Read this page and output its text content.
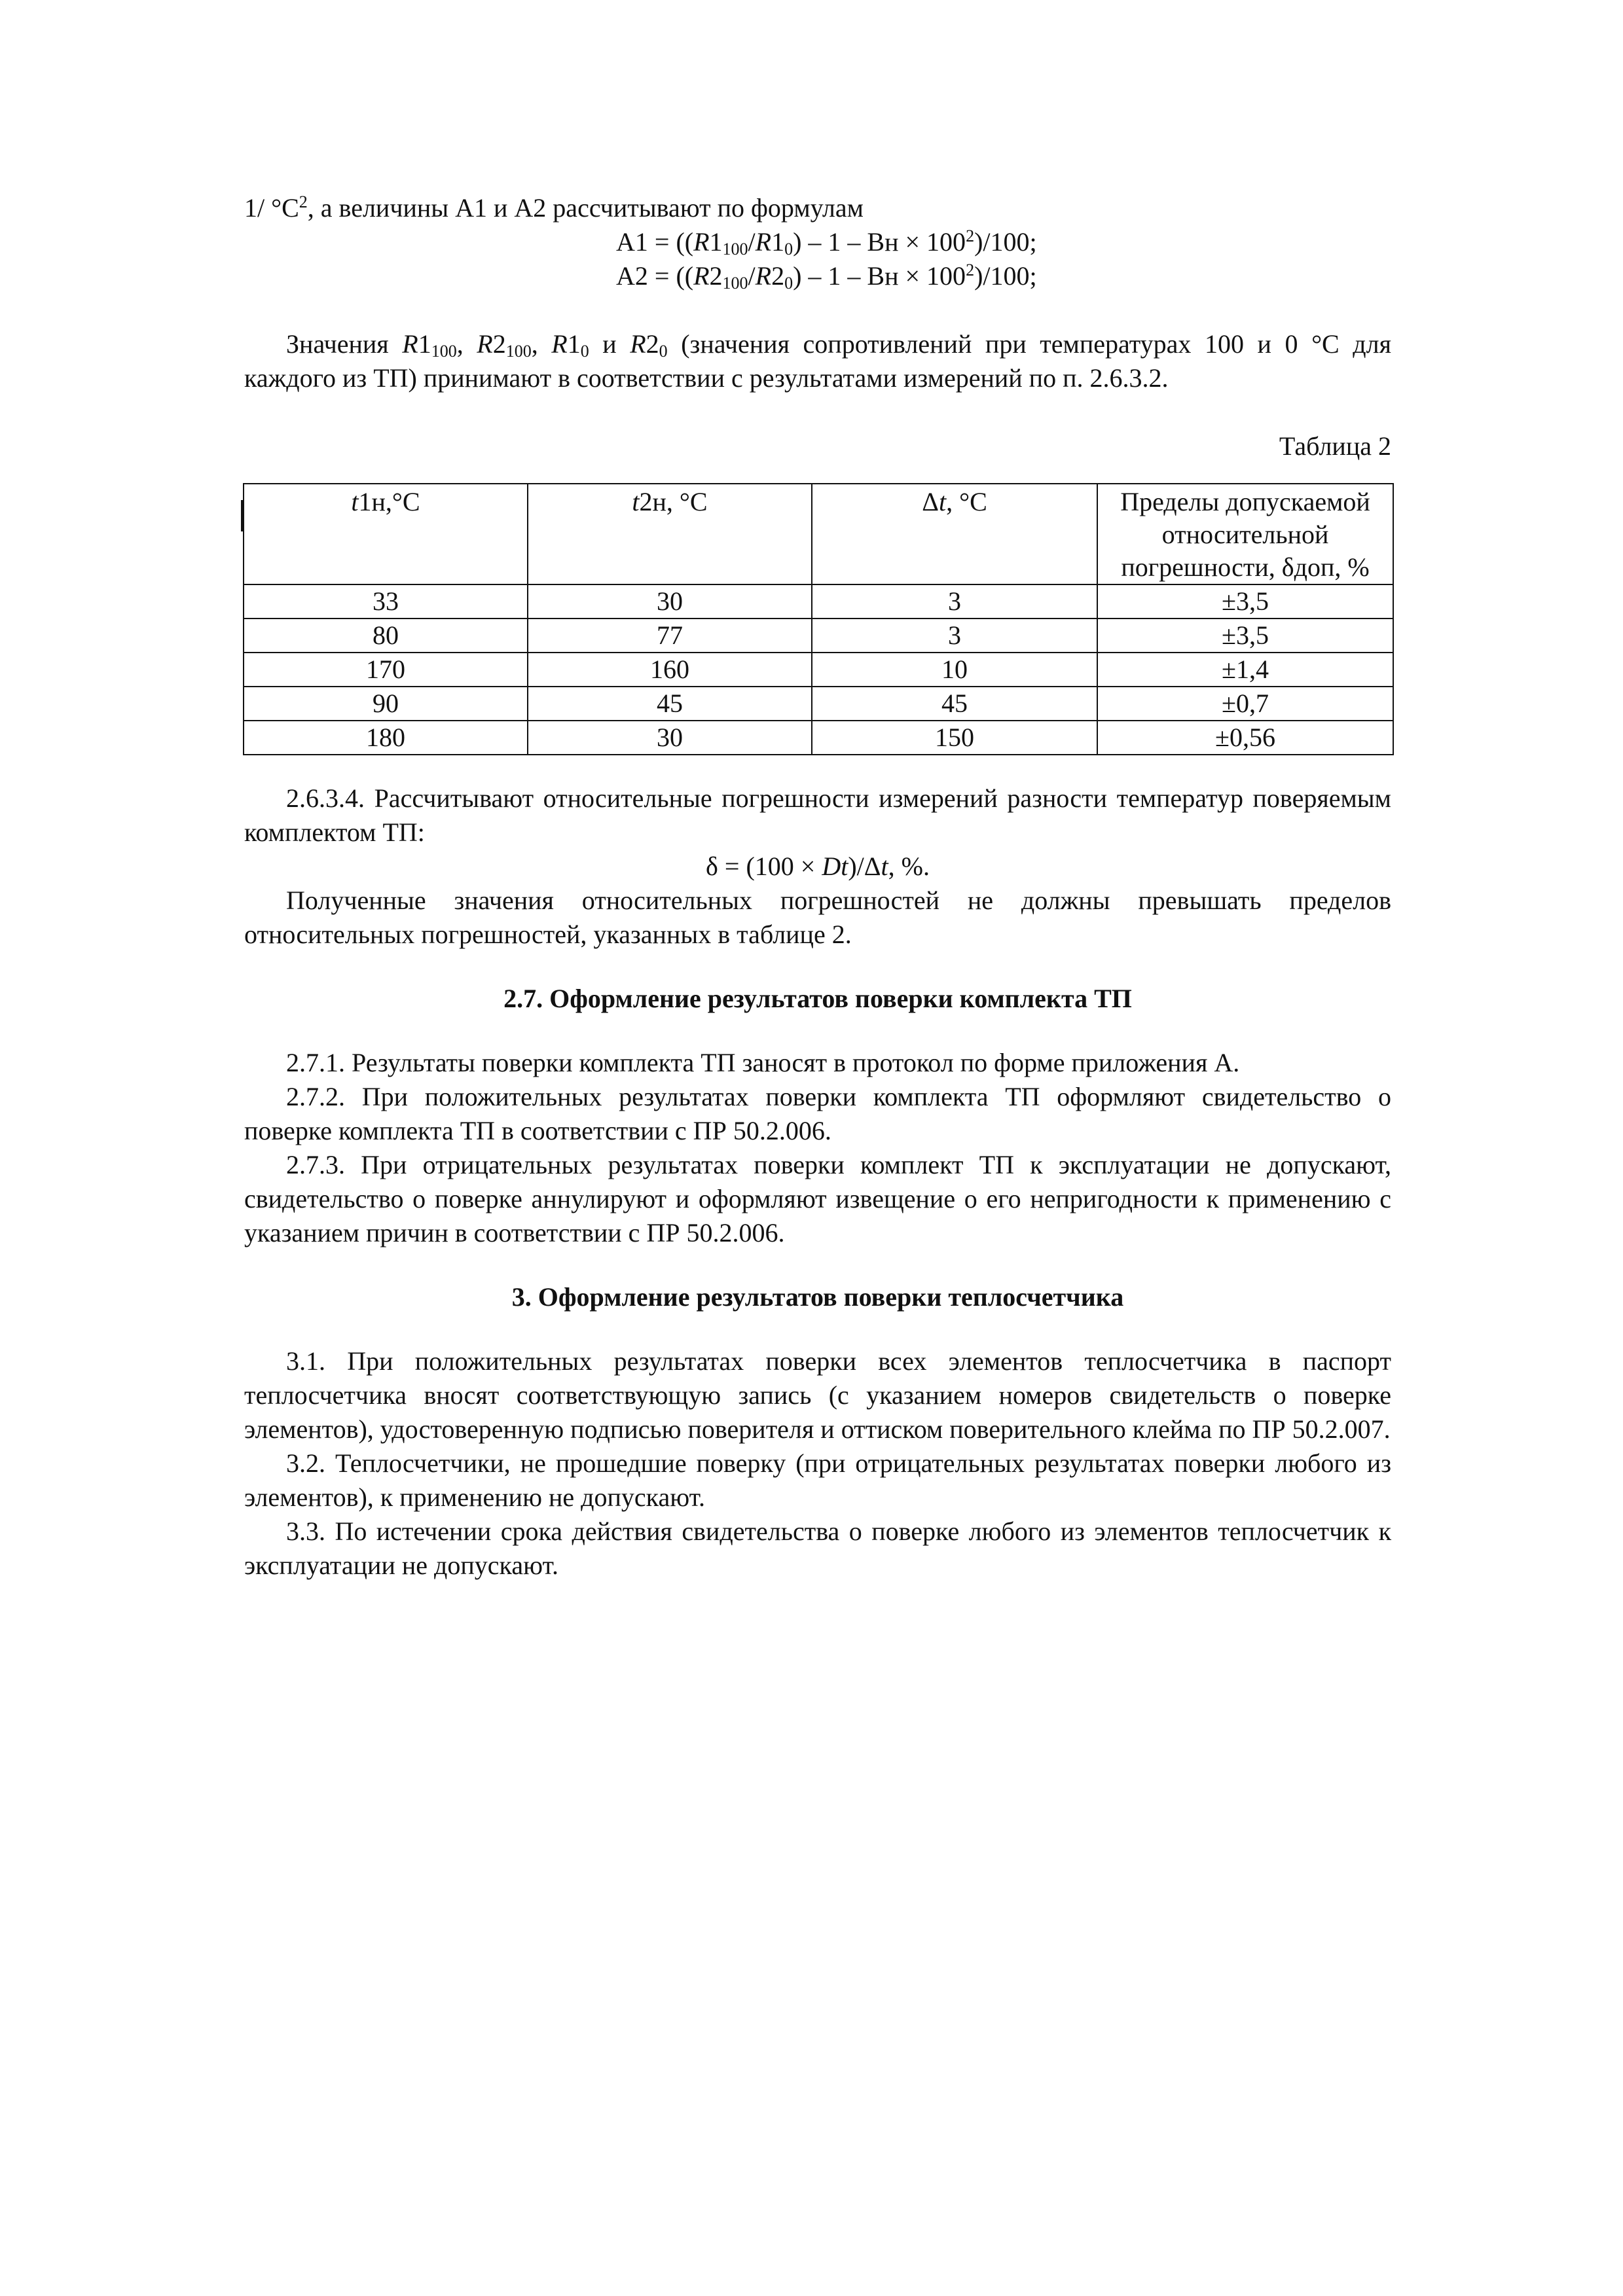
1/ $^\circ C^2$, а величины А1 и А2 рассчитывают по формулам

$А1 = ((R1_{100}/R1_0) - 1$ – Вн × $100^2)/100$;

$А2 = ((R2_{100}/R2_0) - 1$ – Вн × $100^2)/100$;

Значения $R1_{100}$, $R2_{100}$, $R1_0$ и $R2_0$ (значения сопротивлений при температурах 100 и 0 °С для каждого из ТП) принимают в соответствии с результатами измерений по п. 2.6.3.2.

Таблица 2

t1н,°С	t2н, °С	Δt, °С	Пределы допускаемой относительной погрешности, δдоп, %
33	30	3	±3,5
80	77	3	±3,5
170	160	10	±1,4
90	45	45	±0,7
180	30	150	±0,56

2.6.3.4. Рассчитывают относительные погрешности измерений разности температур поверяемым комплектом ТП:

δ = (100 × Dt)/Δt, %.

Полученные значения относительных погрешностей не должны превышать пределов относительных погрешностей, указанных в таблице 2.

2.7. Оформление результатов поверки комплекта ТП

2.7.1. Результаты поверки комплекта ТП заносят в протокол по форме приложения А.

2.7.2. При положительных результатах поверки комплекта ТП оформляют свидетельство о поверке комплекта ТП в соответствии с ПР 50.2.006.

2.7.3. При отрицательных результатах поверки комплект ТП к эксплуатации не допускают, свидетельство о поверке аннулируют и оформляют извещение о его непригодности к применению с указанием причин в соответствии с ПР 50.2.006.

3. Оформление результатов поверки теплосчетчика

3.1. При положительных результатах поверки всех элементов теплосчетчика в паспорт теплосчетчика вносят соответствующую запись (с указанием номеров свидетельств о поверке элементов), удостоверенную подписью поверителя и оттиском поверительного клейма по ПР 50.2.007.

3.2. Теплосчетчики, не прошедшие поверку (при отрицательных результатах поверки любого из элементов), к применению не допускают.

3.3. По истечении срока действия свидетельства о поверке любого из элементов теплосчетчик к эксплуатации не допускают.
